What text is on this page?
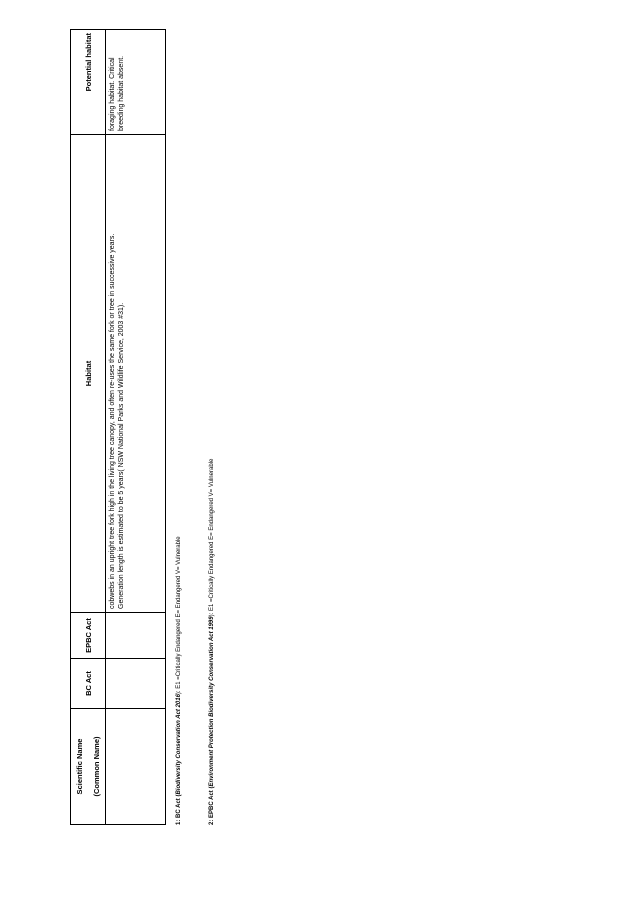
Scientific Name (Common Name)	BC Act	EPBC Act	Habitat	Potential habitat

			cobwebs in an upright tree fork high in the living tree canopy, and often re-uses the same fork or tree in successive years. Generation length is estimated to be 5 years( NSW National Parks and Wildlife Service, 2003 #31).	foraging habitat. Critical breeding habitat absent.
1: BC Act (Biodiversity Conservation Act 2016): E1 =Critically Endangered E= Endangered V= Vulnerable
2: EPBC Act (Environment Protection Biodiversity Conservation Act 1999): E1 =Critically Endangered E= Endangered V= Vulnerable
